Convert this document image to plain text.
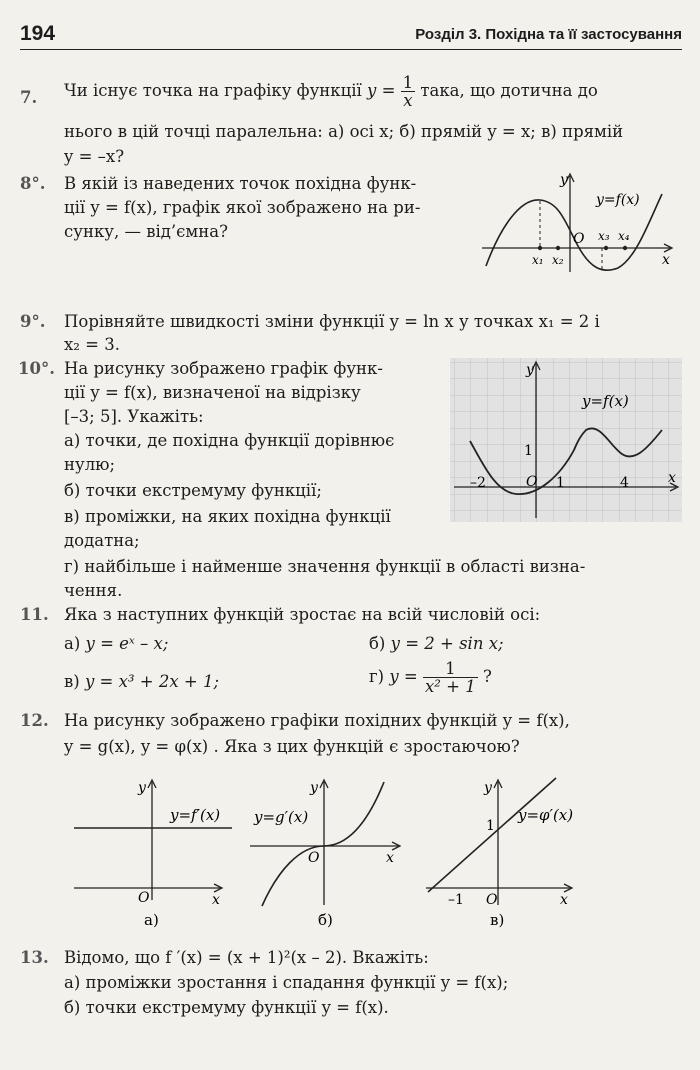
194	Розділ 3. Похідна та її застосування
7. Чи існує точка на графіку функції $y = \frac{1}{x}$ така, що дотична до
нього в цій точці паралельна: а) осі x; б) прямій y = x; в) прямій
y = –x?
8°. В якій із наведених точок похідна функ-
ції y = f(x), графік якої зображено на ри-
сунку, — від’ємна?
y
x
O
y=f(x)
x₁ x₂
x₃ x₄
9°. Порівняйте швидкості зміни функції y = ln x у точках x₁ = 2 і
x₂ = 3.
10°. На рисунку зображено графік функ-
ції y = f(x), визначеної на відрізку
[–3; 5]. Укажіть:
а) точки, де похідна функції дорівнює
нулю;
б) точки екстремуму функції;
в) проміжки, на яких похідна функції
додатна;
г) найбільше і найменше значення функції в області визна-
чення.
y
x
O
y=f(x)
–2	1	4
1
11. Яка з наступних функцій зростає на всій числовій осі:
а) y = eˣ – x;	б) y = 2 + sin x;
в) y = x³ + 2x + 1;	г) $y = \frac{1}{\text{x² + 1}}$ ?
12. На рисунку зображено графіки похідних функцій y = f(x),
y = g(x), y = φ(x) . Яка з цих функцій є зростаючою?
y
x
O
y=f′(x)
а)
y
x
O
y=g′(x)
б)
y
x
O
y=φ′(x)
1
–1
в)
13. Відомо, що f ′(x) = (x + 1)²(x – 2). Вкажіть:
а) проміжки зростання і спадання функції y = f(x);
б) точки екстремуму функції y = f(x).
